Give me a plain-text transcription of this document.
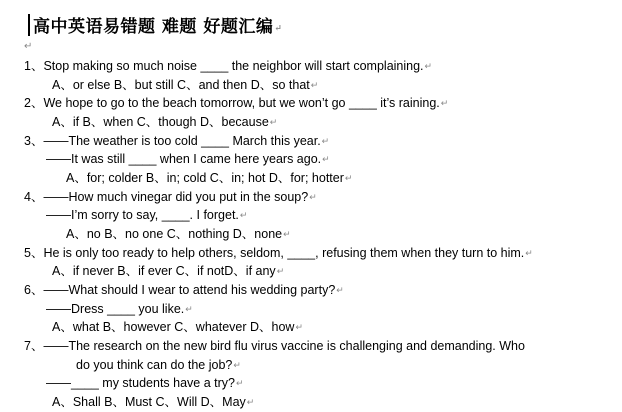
高中英语易错题 难题 好题汇编↵
↵
1、Stop making so much noise ____ the neighbor will start complaining.↵
A、or else B、but still C、and then D、so that↵
2、We hope to go to the beach tomorrow, but we won’t go ____ it’s raining.↵
A、if B、when C、though D、because↵
3、——The weather is too cold ____ March this year.↵
——It was still ____ when I came here years ago.↵
A、for; colder B、in; cold C、in; hot D、for; hotter↵
4、——How much vinegar did you put in the soup?↵
——I’m sorry to say, ____. I forget.↵
A、no B、no one C、nothing D、none↵
5、He is only too ready to help others, seldom, ____, refusing them when they turn to him.↵
A、if never B、if ever C、if notD、if any↵
6、——What should I wear to attend his wedding party?↵
——Dress ____ you like.↵
A、what B、however C、whatever D、how↵
7、——The research on the new bird flu virus vaccine is challenging and demanding. Who
do you think can do the job?↵
——____ my students have a try?↵
A、Shall B、Must C、Will D、May↵
